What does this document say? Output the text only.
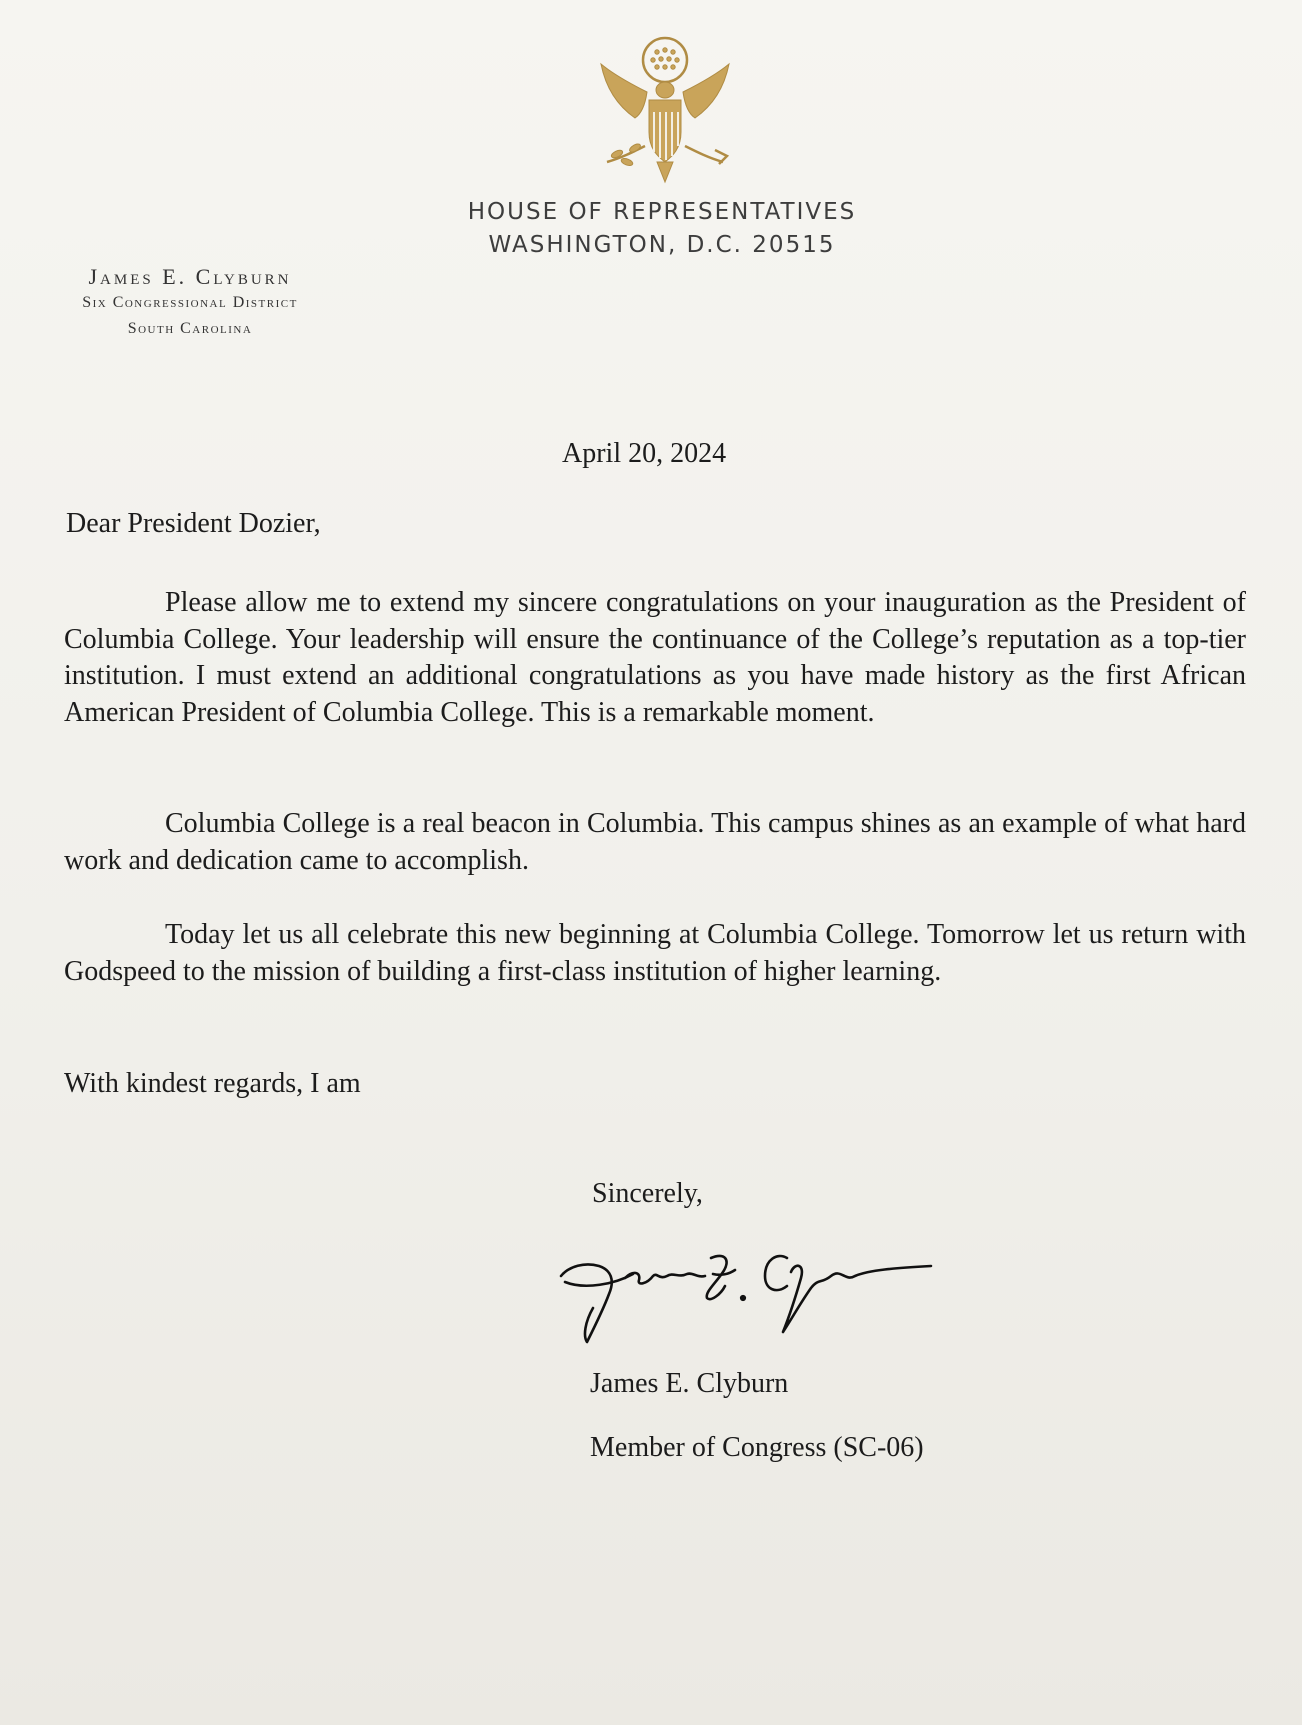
HOUSE OF REPRESENTATIVES
WASHINGTON, D.C. 20515
James E. Clyburn
Six Congressional District
South Carolina
April 20, 2024
Dear President Dozier,

Please allow me to extend my sincere congratulations on your inauguration as the President of Columbia College. Your leadership will ensure the continuance of the College’s reputation as a top-tier institution. I must extend an additional congratulations as you have made history as the first African American President of Columbia College. This is a remarkable moment.

Columbia College is a real beacon in Columbia. This campus shines as an example of what hard work and dedication came to accomplish.

Today let us all celebrate this new beginning at Columbia College. Tomorrow let us return with Godspeed to the mission of building a first-class institution of higher learning.

With kindest regards, I am
Sincerely,
James E. Clyburn
Member of Congress (SC-06)
